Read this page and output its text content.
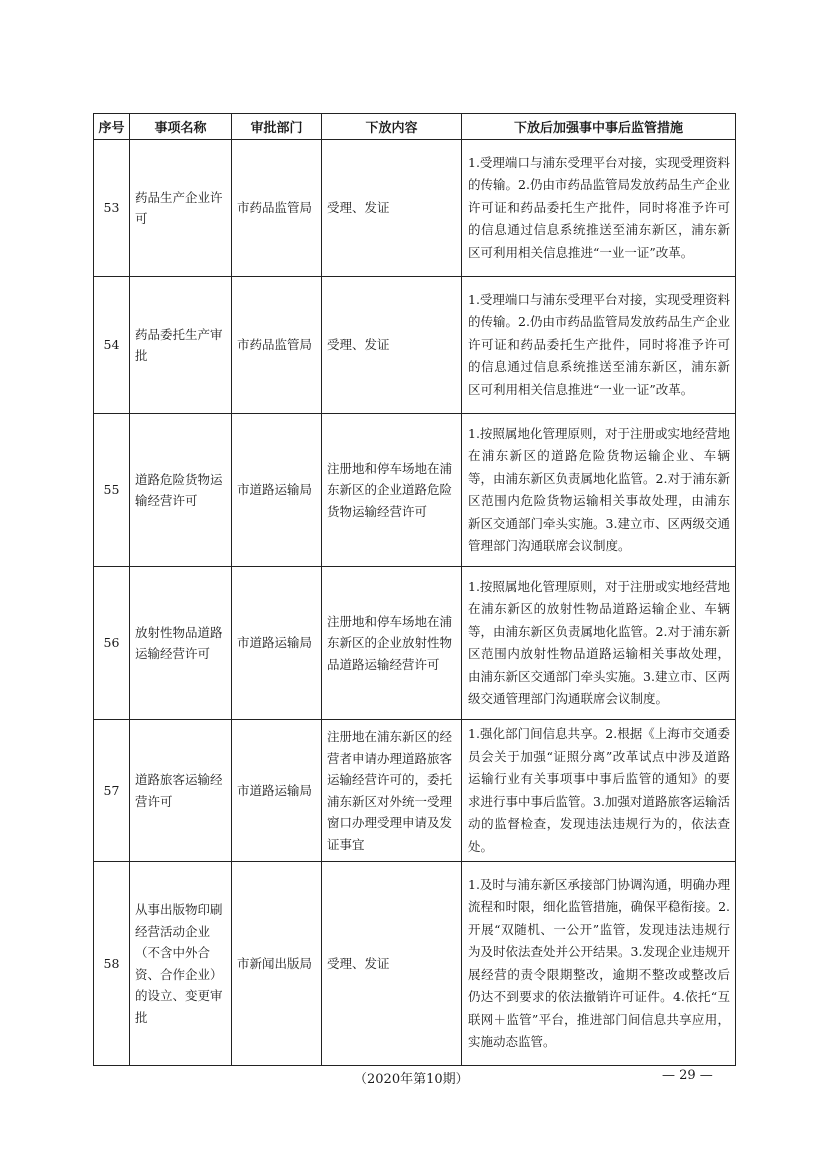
序号	事项名称	审批部门	下放内容	下放后加强事中事后监管措施
53	药品生产企业许可	市药品监管局	受理、发证	1.受理端口与浦东受理平台对接，实现受理资料的传输。2.仍由市药品监管局发放药品生产企业许可证和药品委托生产批件，同时将准予许可的信息通过信息系统推送至浦东新区，浦东新区可利用相关信息推进“一业一证”改革。
54	药品委托生产审批	市药品监管局	受理、发证	1.受理端口与浦东受理平台对接，实现受理资料的传输。2.仍由市药品监管局发放药品生产企业许可证和药品委托生产批件，同时将准予许可的信息通过信息系统推送至浦东新区，浦东新区可利用相关信息推进“一业一证”改革。
55	道路危险货物运输经营许可	市道路运输局	注册地和停车场地在浦东新区的企业道路危险货物运输经营许可	1.按照属地化管理原则，对于注册或实地经营地在浦东新区的道路危险货物运输企业、车辆等，由浦东新区负责属地化监管。2.对于浦东新区范围内危险货物运输相关事故处理，由浦东新区交通部门牵头实施。3.建立市、区两级交通管理部门沟通联席会议制度。
56	放射性物品道路运输经营许可	市道路运输局	注册地和停车场地在浦东新区的企业放射性物品道路运输经营许可	1.按照属地化管理原则，对于注册或实地经营地在浦东新区的放射性物品道路运输企业、车辆等，由浦东新区负责属地化监管。2.对于浦东新区范围内放射性物品道路运输相关事故处理，由浦东新区交通部门牵头实施。3.建立市、区两级交通管理部门沟通联席会议制度。
57	道路旅客运输经营许可	市道路运输局	注册地在浦东新区的经营者申请办理道路旅客运输经营许可的，委托浦东新区对外统一受理窗口办理受理申请及发证事宜	1.强化部门间信息共享。2.根据《上海市交通委员会关于加强“证照分离”改革试点中涉及道路运输行业有关事项事中事后监管的通知》的要求进行事中事后监管。3.加强对道路旅客运输活动的监督检查，发现违法违规行为的，依法查处。
58	从事出版物印刷经营活动企业（不含中外合资、合作企业）的设立、变更审批	市新闻出版局	受理、发证	1.及时与浦东新区承接部门协调沟通，明确办理流程和时限，细化监管措施，确保平稳衔接。2.开展“双随机、一公开”监管，发现违法违规行为及时依法查处并公开结果。3.发现企业违规开展经营的责令限期整改，逾期不整改或整改后仍达不到要求的依法撤销许可证件。4.依托“互联网＋监管”平台，推进部门间信息共享应用，实施动态监管。
（2020年第10期）	— 29 —
